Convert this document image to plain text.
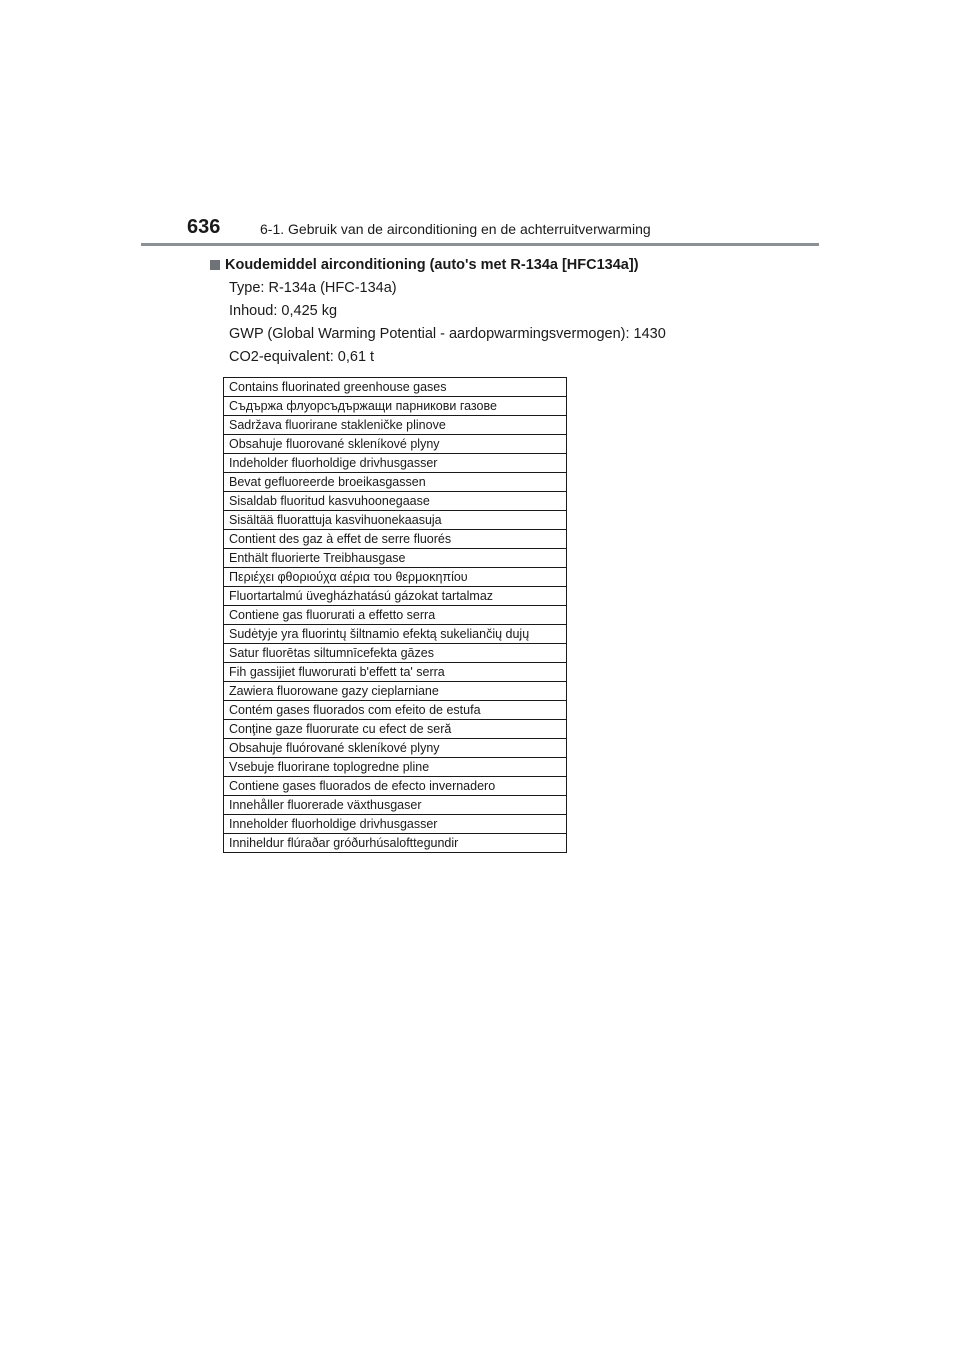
636	6-1. Gebruik van de airconditioning en de achterruitverwarming
Koudemiddel airconditioning (auto's met R-134a [HFC134a])
Type: R-134a (HFC-134a)
Inhoud: 0,425 kg
GWP (Global Warming Potential - aardopwarmingsvermogen): 1430
CO2-equivalent: 0,61 t
Contains fluorinated greenhouse gases
Съдържа флуорсъдържащи парникови газове
Sadržava fluorirane stakleničke plinove
Obsahuje fluorované skleníkové plyny
Indeholder fluorholdige drivhusgasser
Bevat gefluoreerde broeikasgassen
Sisaldab fluoritud kasvuhoonegaase
Sisältää fluorattuja kasvihuonekaasuja
Contient des gaz à effet de serre fluorés
Enthält fluorierte Treibhausgase
Περιέχει φθοριούχα αέρια του θερμοκηπίου
Fluortartalmú üvegházhatású gázokat tartalmaz
Contiene gas fluorurati a effetto serra
Sudėtyje yra fluorintų šiltnamio efektą sukeliančių dujų
Satur fluorētas siltumnīcefekta gāzes
Fih gassijiet fluworurati b'effett ta' serra
Zawiera fluorowane gazy cieplarniane
Contém gases fluorados com efeito de estufa
Conţine gaze fluorurate cu efect de seră
Obsahuje fluórované skleníkové plyny
Vsebuje fluorirane toplogredne pline
Contiene gases fluorados de efecto invernadero
Innehåller fluorerade växthusgaser
Inneholder fluorholdige drivhusgasser
Inniheldur flúraðar gróðurhúsalofttegundir
